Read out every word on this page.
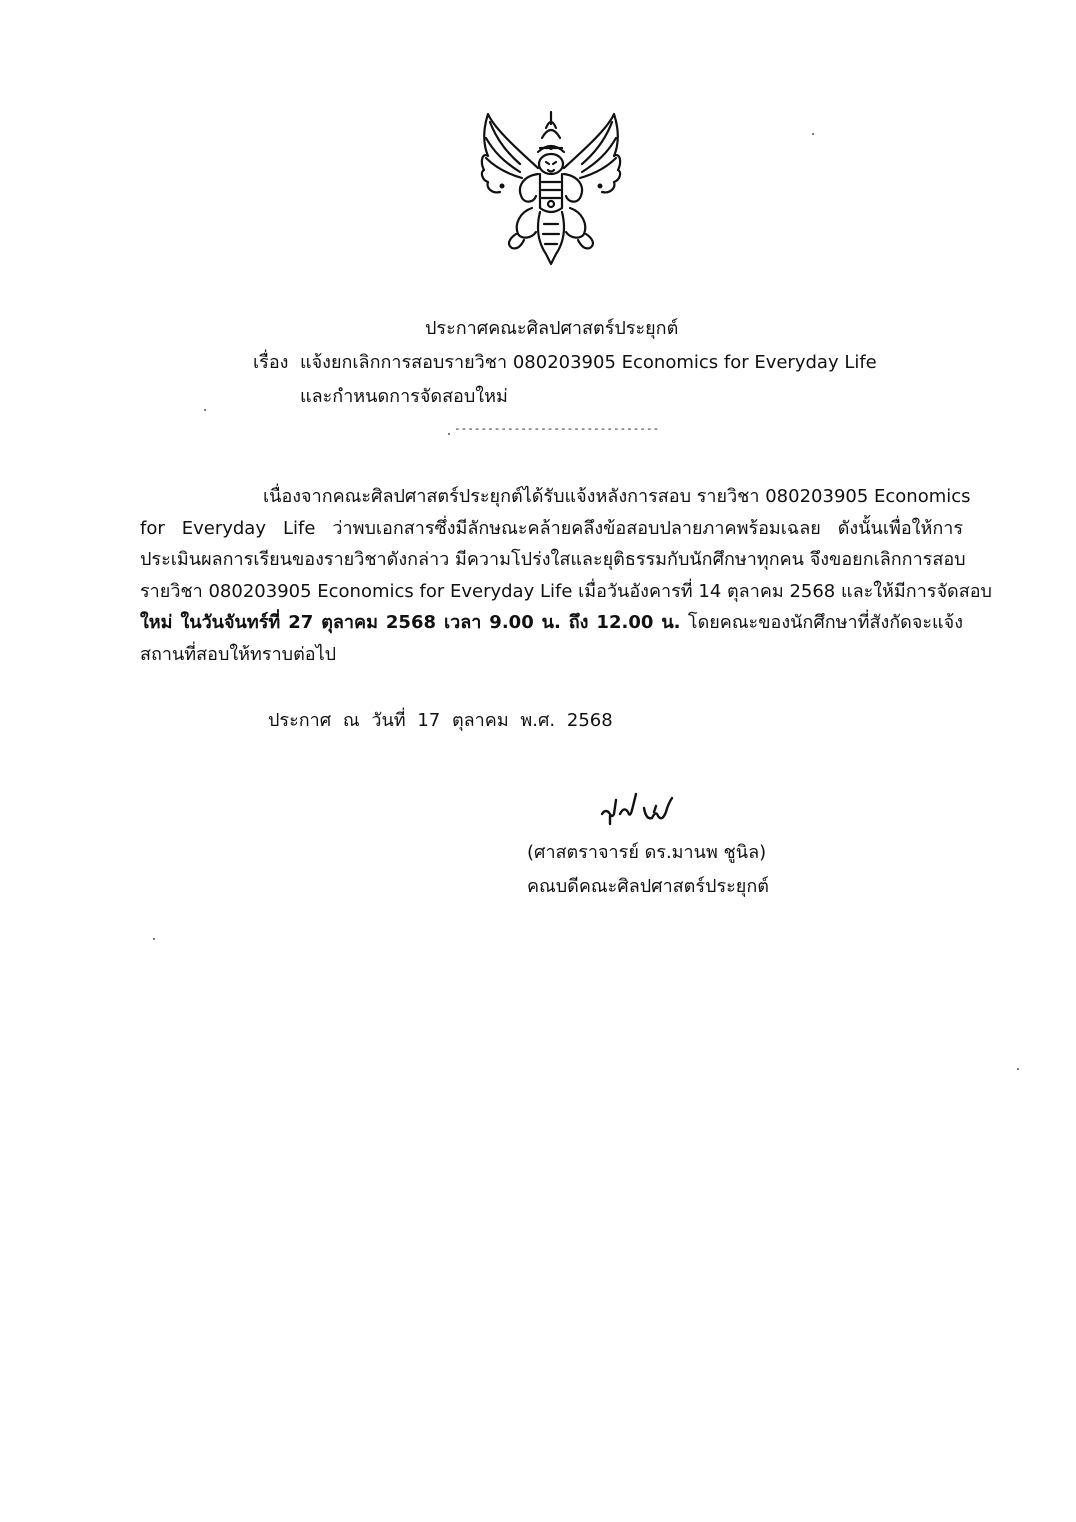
ประกาศคณะศิลปศาสตร์ประยุกต์
เรื่อง แจ้งยกเลิกการสอบรายวิชา 080203905 Economics for Everyday Life
และกำหนดการจัดสอบใหม่
-------------------------------
เนื่องจากคณะศิลปศาสตร์ประยุกต์ได้รับแจ้งหลังการสอบ รายวิชา 080203905 Economics
for Everyday Life ว่าพบเอกสารซึ่งมีลักษณะคล้ายคลึงข้อสอบปลายภาคพร้อมเฉลย ดังนั้นเพื่อให้การ
ประเมินผลการเรียนของรายวิชาดังกล่าว มีความโปร่งใสและยุติธรรมกับนักศึกษาทุกคน จึงขอยกเลิกการสอบ
รายวิชา 080203905 Economics for Everyday Life เมื่อวันอังคารที่ 14 ตุลาคม 2568 และให้มีการจัดสอบ
ใหม่ ในวันจันทร์ที่ 27 ตุลาคม 2568 เวลา 9.00 น. ถึง 12.00 น. โดยคณะของนักศึกษาที่สังกัดจะแจ้ง
สถานที่สอบให้ทราบต่อไป
ประกาศ ณ วันที่ 17 ตุลาคม พ.ศ. 2568
(ศาสตราจารย์ ดร.มานพ ชูนิล)
คณบดีคณะศิลปศาสตร์ประยุกต์
